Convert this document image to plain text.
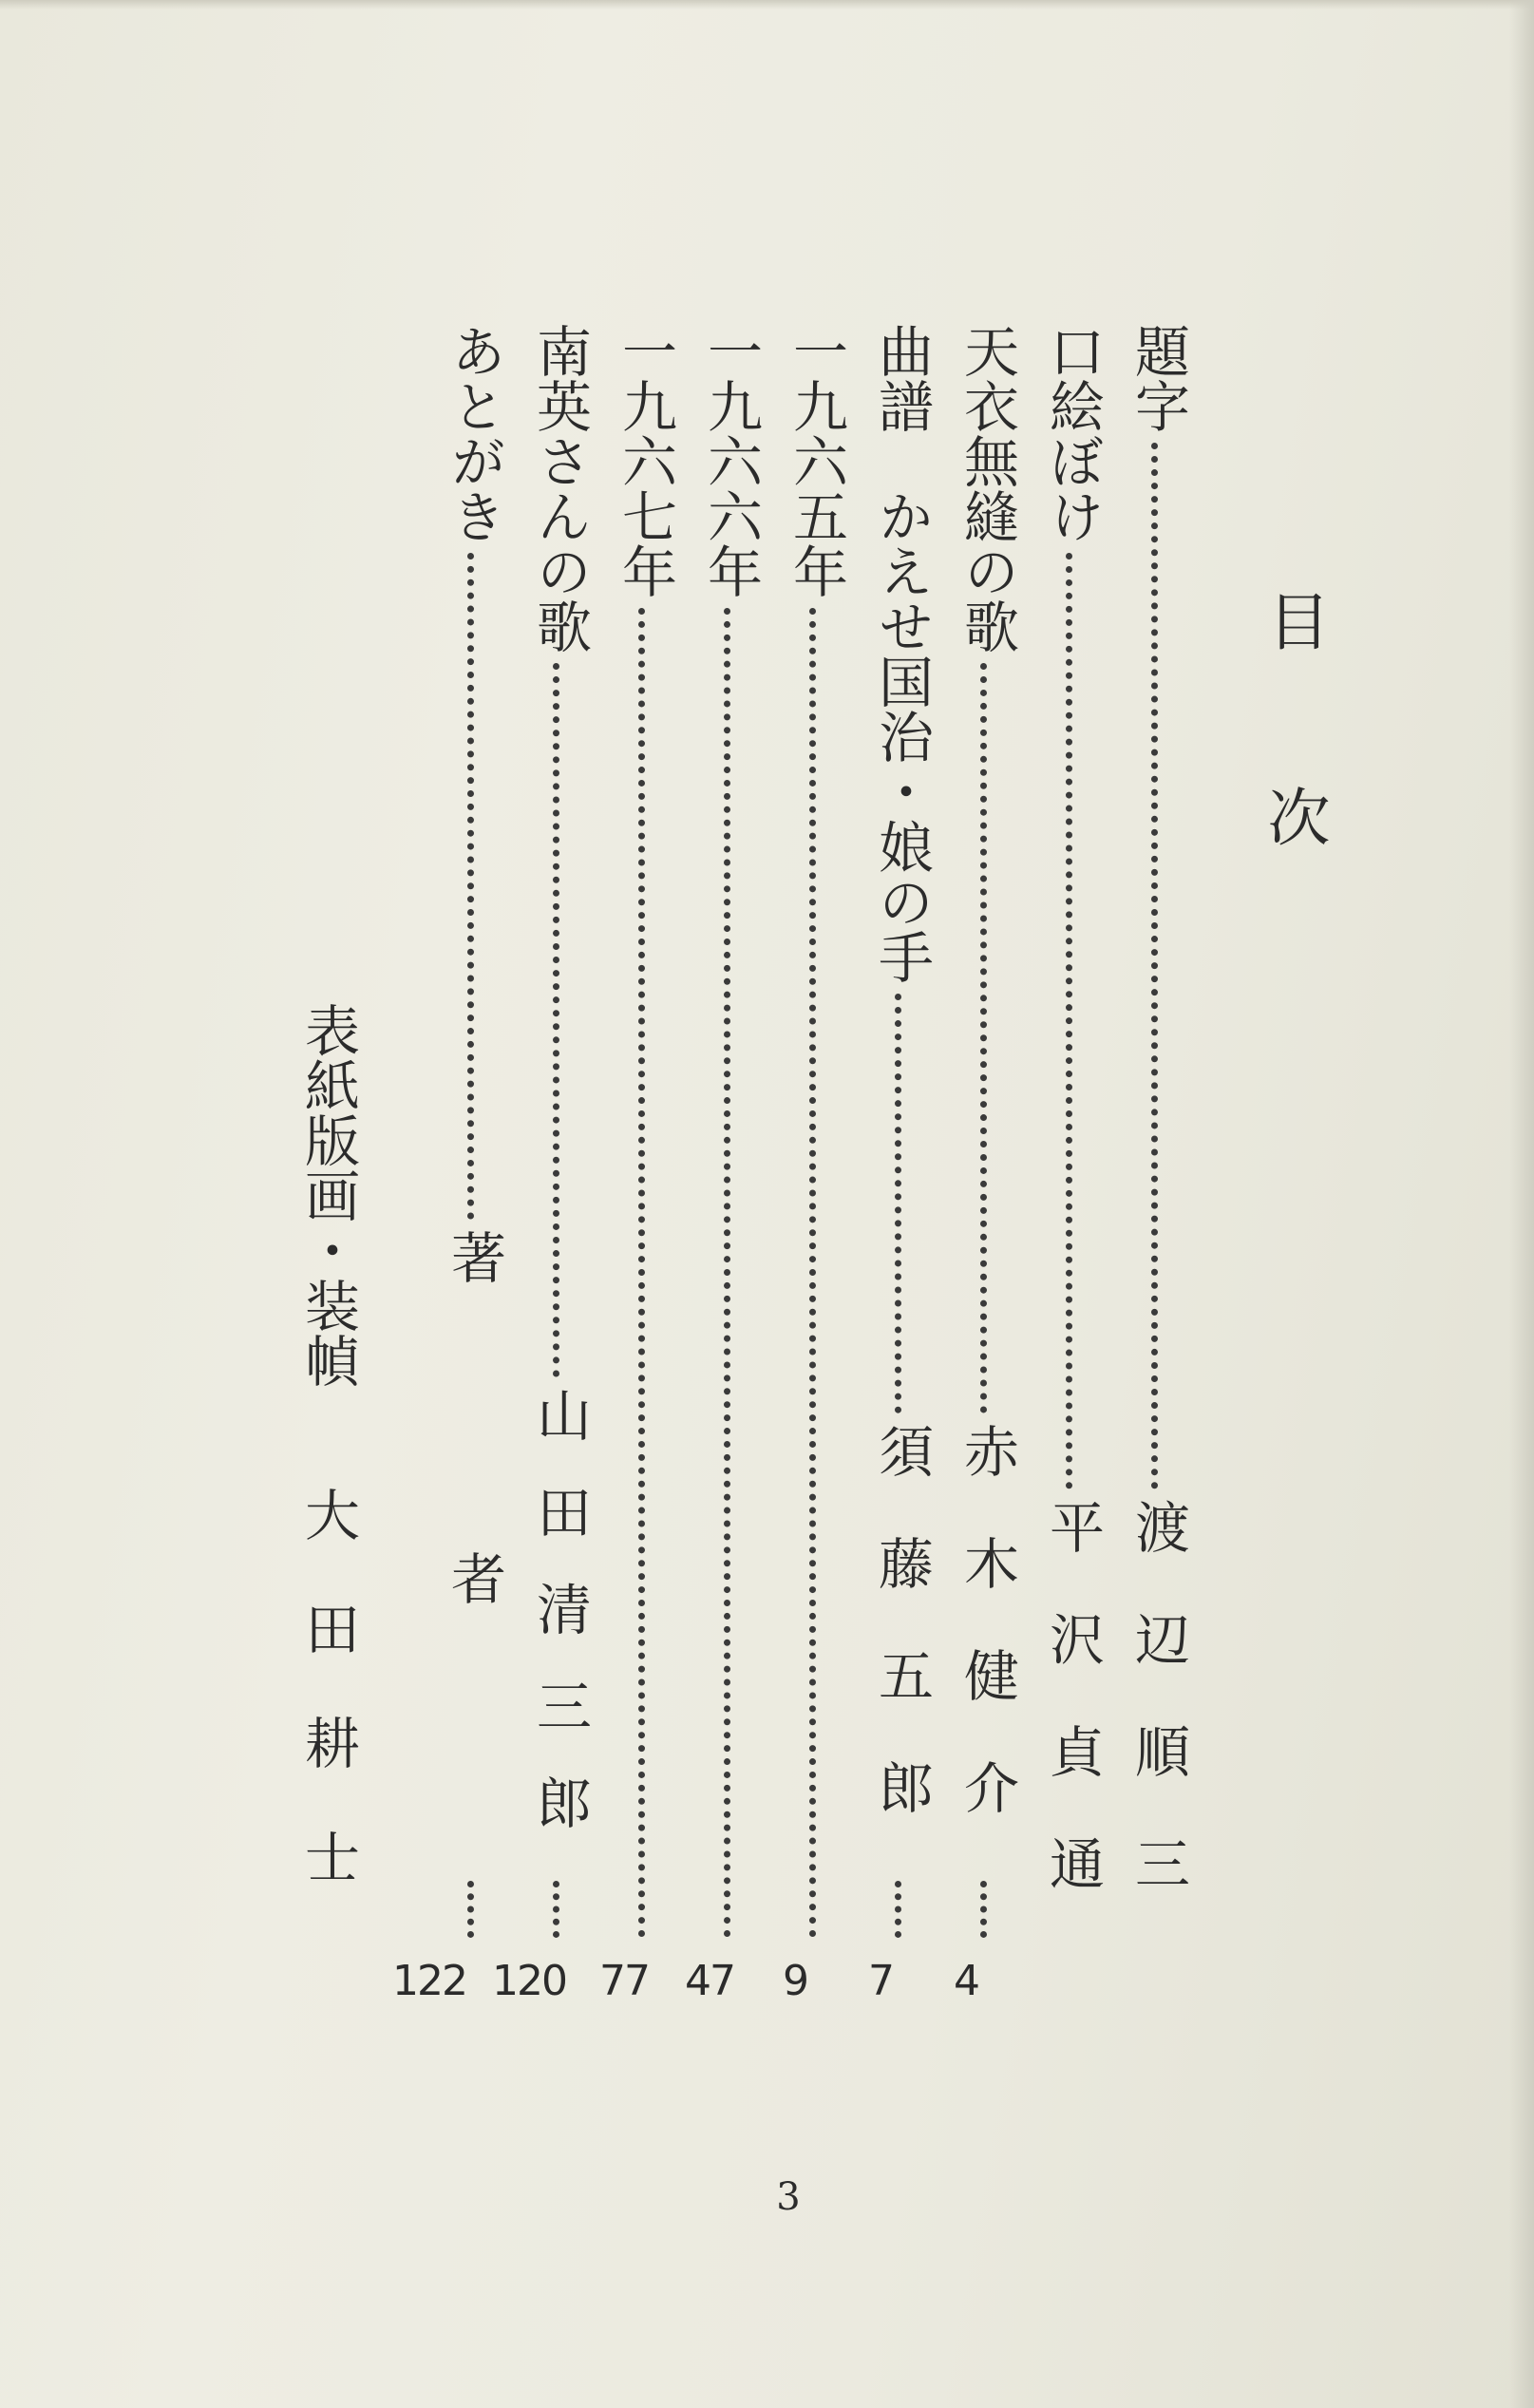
目次
題字
渡辺順三
口絵ぼけ
平沢貞通
天衣無縫の歌
赤木健介
曲譜　かえせ国治・娘の手
須藤五郎
一九六五年
一九六六年
一九六七年
南英さんの歌
山田清三郎
あとがき
著者
4
7
9
47
77
120
122
表紙版画・装幀
大田耕士
3
